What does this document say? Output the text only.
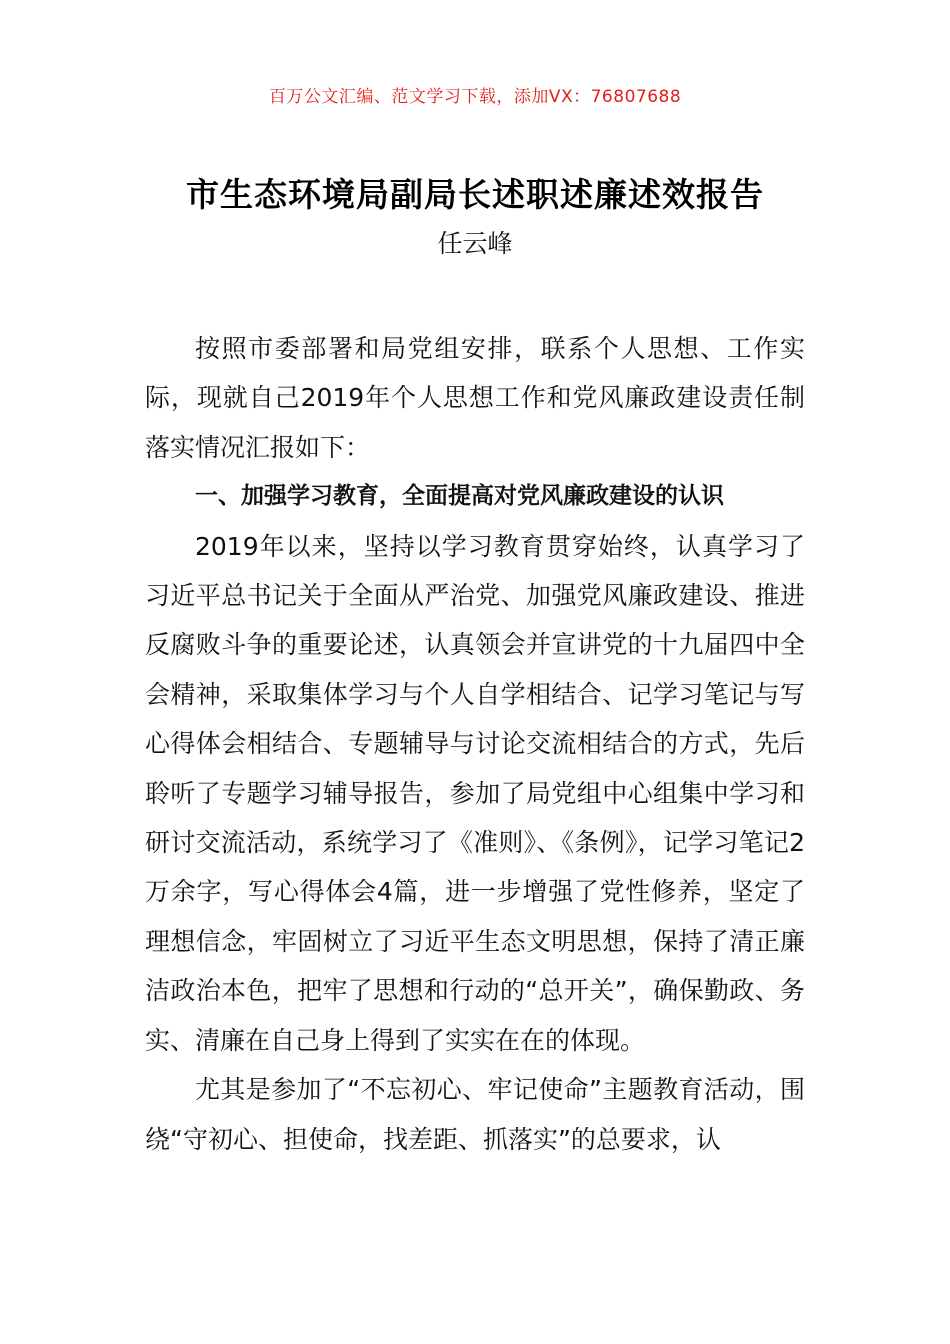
百万公文汇编、范文学习下载，添加VX：76807688
市生态环境局副局长述职述廉述效报告
任云峰

按照市委部署和局党组安排，联系个人思想、工作实际，现就自己2019年个人思想工作和党风廉政建设责任制落实情况汇报如下：

一、加强学习教育，全面提高对党风廉政建设的认识

2019年以来，坚持以学习教育贯穿始终，认真学习了习近平总书记关于全面从严治党、加强党风廉政建设、推进反腐败斗争的重要论述，认真领会并宣讲党的十九届四中全会精神，采取集体学习与个人自学相结合、记学习笔记与写心得体会相结合、专题辅导与讨论交流相结合的方式，先后聆听了专题学习辅导报告，参加了局党组中心组集中学习和研讨交流活动，系统学习了《准则》、《条例》，记学习笔记2万余字，写心得体会4篇，进一步增强了党性修养，坚定了理想信念，牢固树立了习近平生态文明思想，保持了清正廉洁政治本色，把牢了思想和行动的“总开关”，确保勤政、务实、清廉在自己身上得到了实实在在的体现。

尤其是参加了“不忘初心、牢记使命”主题教育活动，围绕“守初心、担使命，找差距、抓落实”的总要求，认
